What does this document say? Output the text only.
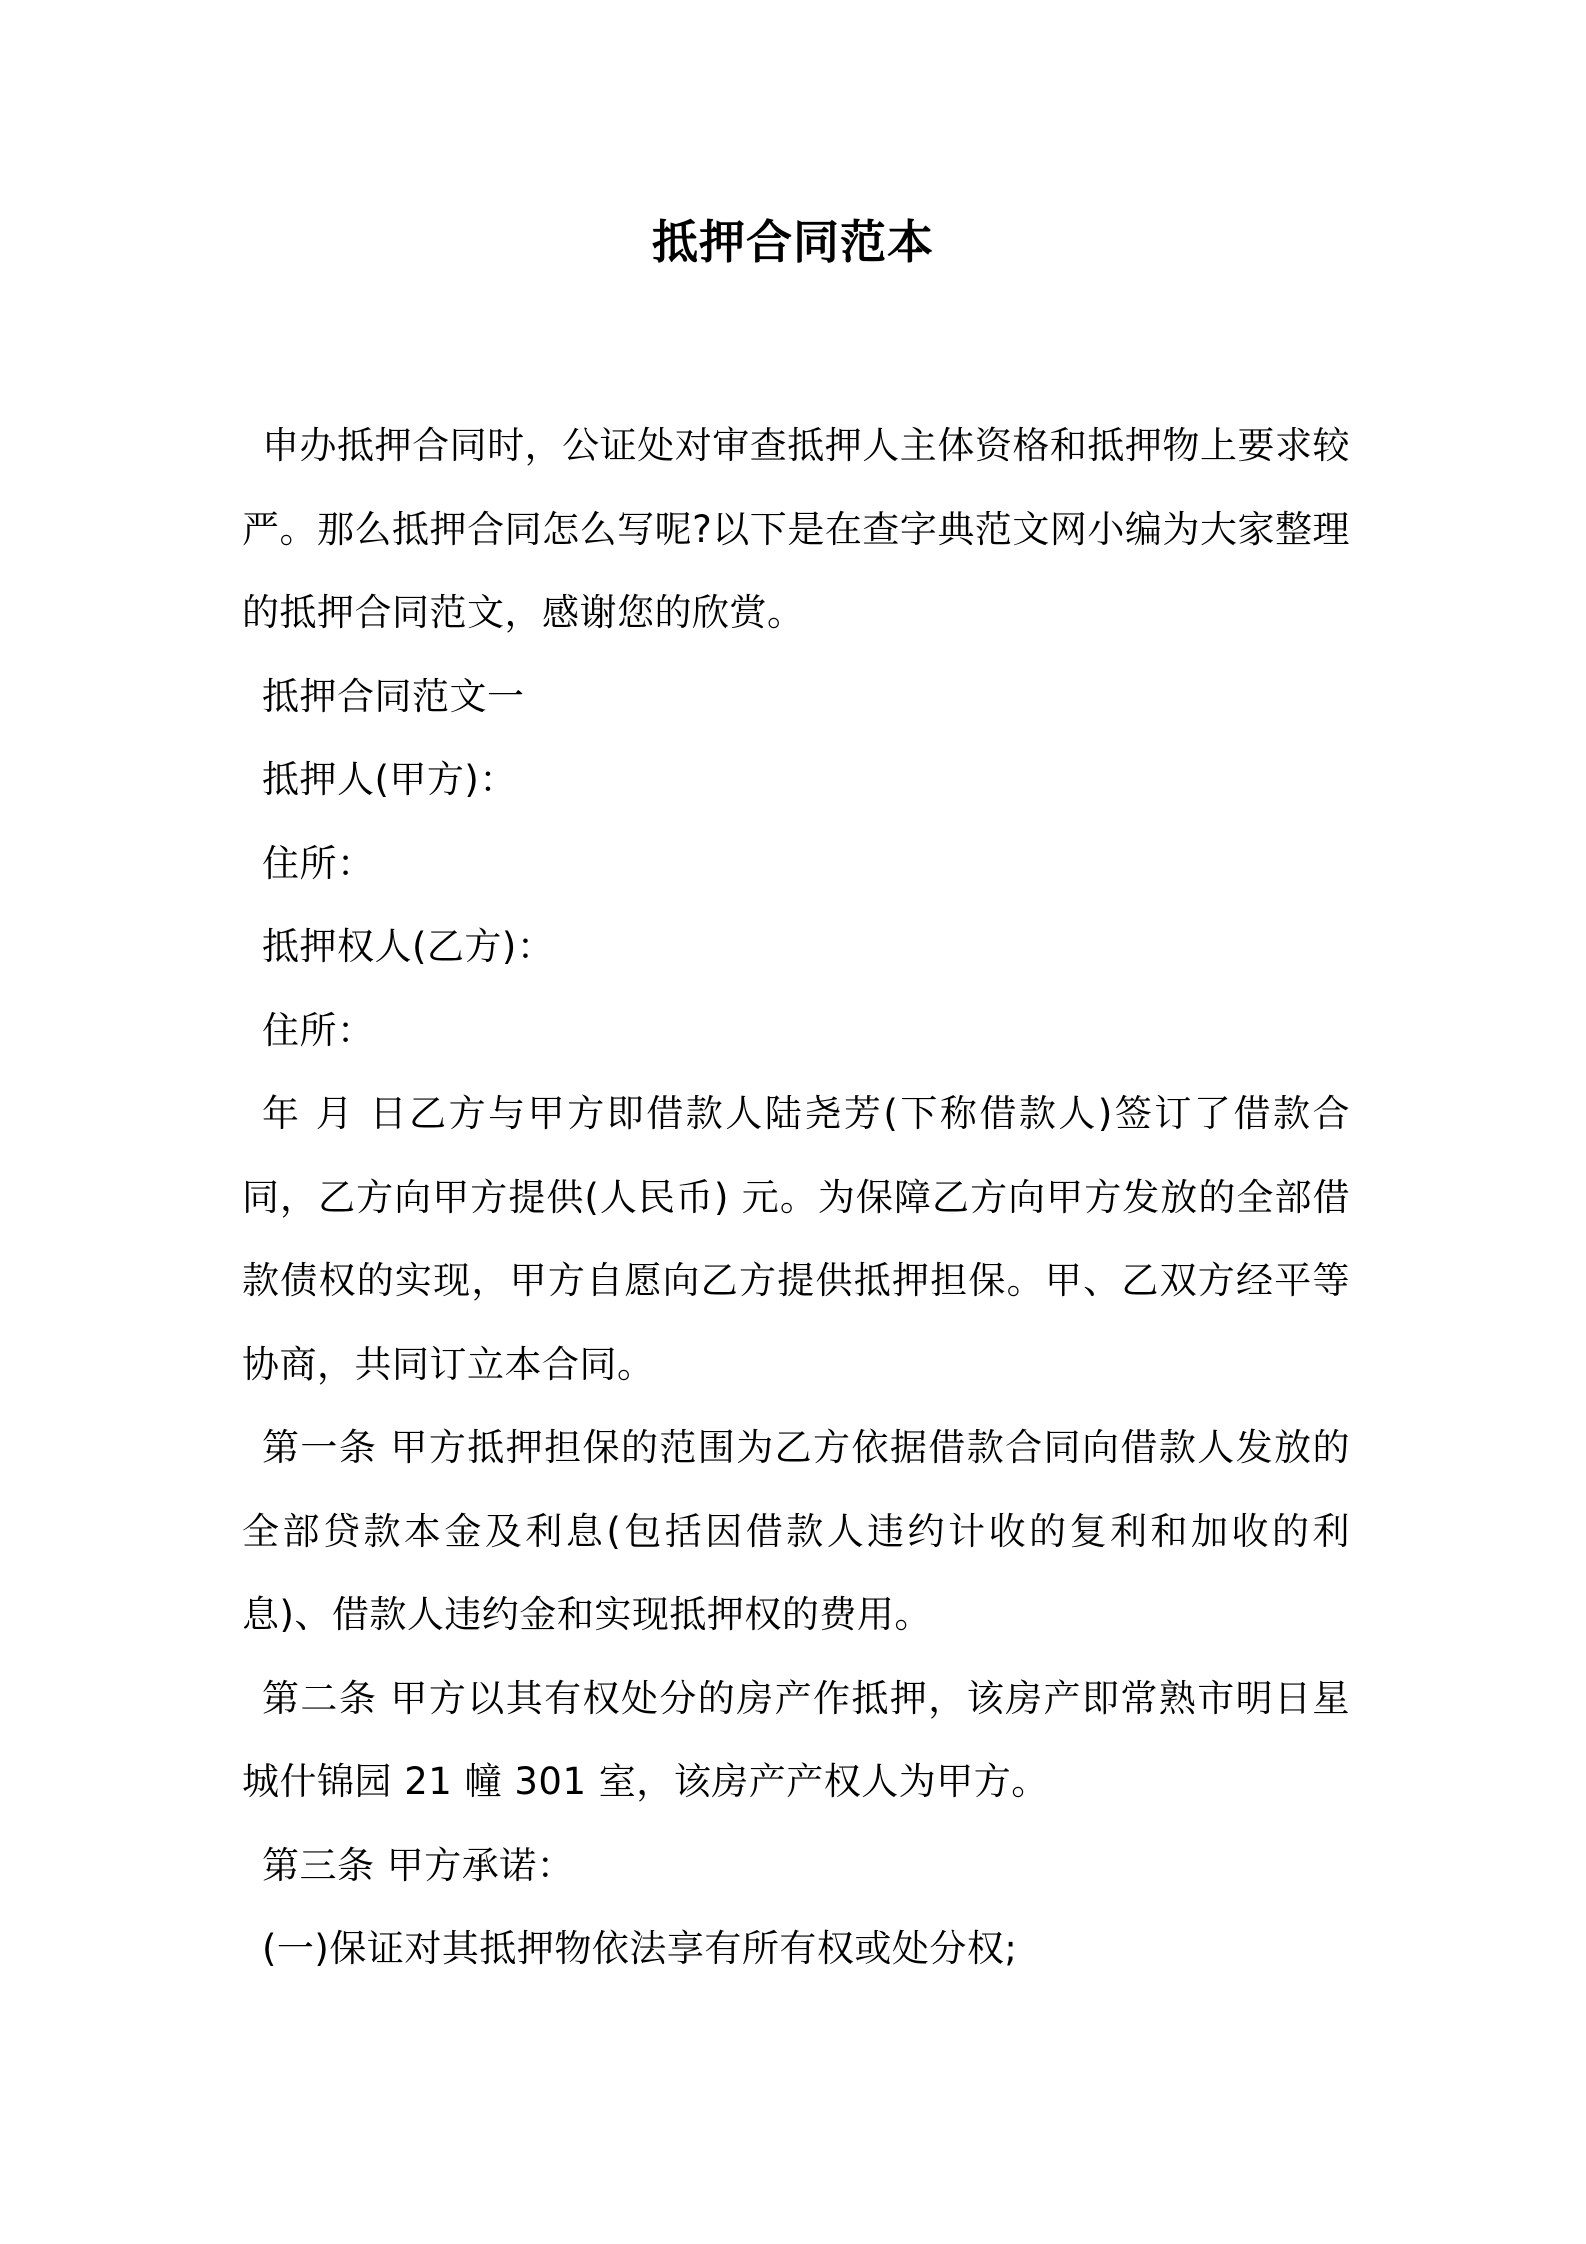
抵押合同范本

申办抵押合同时，公证处对审查抵押人主体资格和抵押物上要求较严。那么抵押合同怎么写呢?以下是在查字典范文网小编为大家整理的抵押合同范文，感谢您的欣赏。

抵押合同范文一

抵押人(甲方)：

住所：

抵押权人(乙方)：

住所：

年 月 日乙方与甲方即借款人陆尧芳(下称借款人)签订了借款合同，乙方向甲方提供(人民币) 元。为保障乙方向甲方发放的全部借款债权的实现，甲方自愿向乙方提供抵押担保。甲、乙双方经平等协商，共同订立本合同。

第一条 甲方抵押担保的范围为乙方依据借款合同向借款人发放的全部贷款本金及利息(包括因借款人违约计收的复利和加收的利息)、借款人违约金和实现抵押权的费用。

第二条 甲方以其有权处分的房产作抵押，该房产即常熟市明日星城什锦园 21 幢 301 室，该房产产权人为甲方。

第三条 甲方承诺：

(一)保证对其抵押物依法享有所有权或处分权;
